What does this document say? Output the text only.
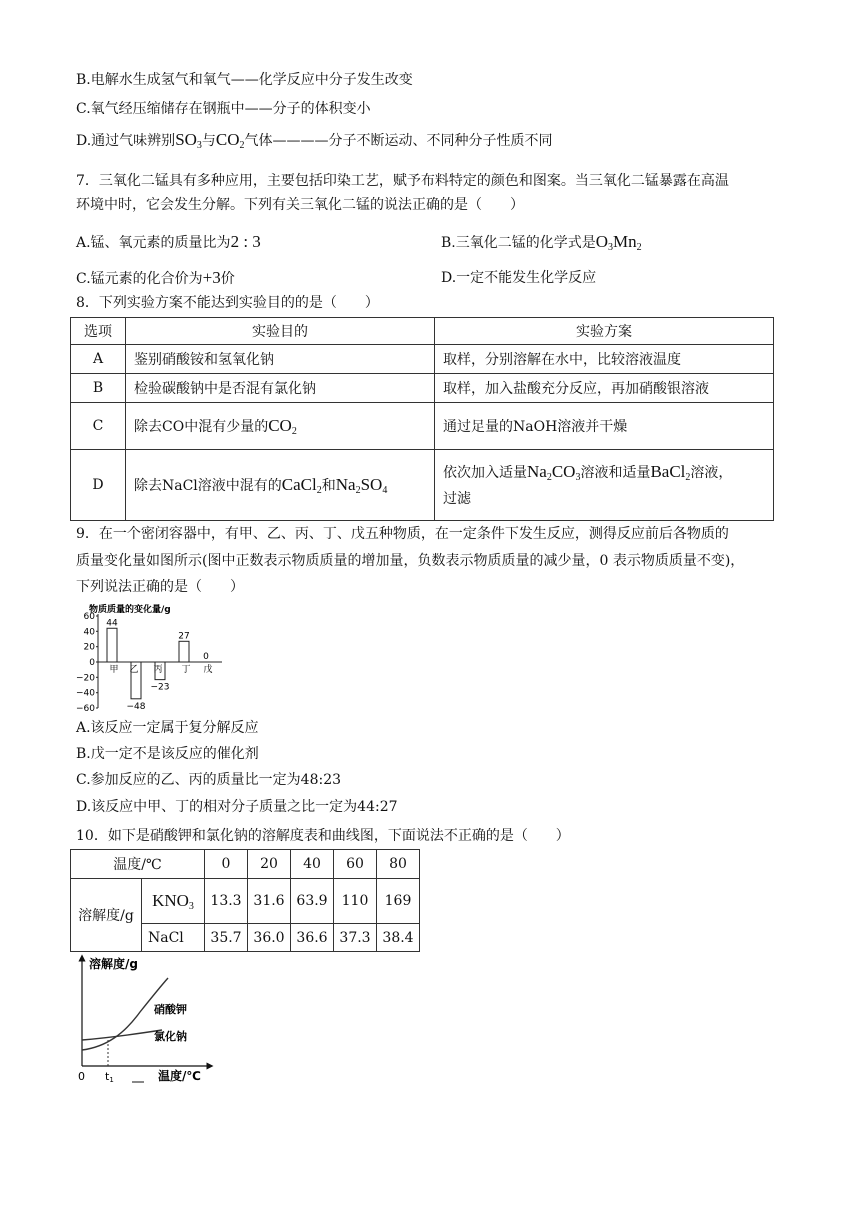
B.电解水生成氢气和氧气——化学反应中分子发生改变
C.氧气经压缩储存在钢瓶中——分子的体积变小
D.通过气味辨别$SO_3$与$CO_2$气体————分子不断运动、不同种分子性质不同
7．三氧化二锰具有多种应用，主要包括印染工艺，赋予布料特定的颜色和图案。当三氧化二锰暴露在高温
环境中时，它会发生分解。下列有关三氧化二锰的说法正确的是（　　）
A.锰、氧元素的质量比为2 : 3	B.三氧化二锰的化学式是$O_3Mn_2$
C.锰元素的化合价为+3价	D.一定不能发生化学反应
8．下列实验方案不能达到实验目的的是（　　）
选项	实验目的	实验方案
A	鉴别硝酸铵和氢氧化钠	取样，分别溶解在水中，比较溶液温度
B	检验碳酸钠中是否混有氯化钠	取样，加入盐酸充分反应，再加硝酸银溶液
C	除去CO中混有少量的$CO_2$	通过足量的NaOH溶液并干燥
D	除去NaCl溶液中混有的CaCl$_2$和$Na_2SO_4$	依次加入适量$Na_2CO_3$溶液和适量BaCl$_2$溶液，
过滤
9．在一个密闭容器中，有甲、乙、丙、丁、戊五种物质，在一定条件下发生反应，测得反应前后各物质的
质量变化量如图所示(图中正数表示物质质量的增加量，负数表示物质质量的减少量，0 表示物质质量不变)，
下列说法正确的是（　　）
物质质量的变化量/g
60
40
20
0
−20
−40
−60
44
甲
−48
乙
−23
丙
27
丁
0
戊
A.该反应一定属于复分解反应
B.戊一定不是该反应的催化剂
C.参加反应的乙、丙的质量比一定为48:23
D.该反应中甲、丁的相对分子质量之比一定为44:27
10．如下是硝酸钾和氯化钠的溶解度表和曲线图，下面说法不正确的是（　　）
温度/℃		0	20	40	60	80
溶解度/g	$KNO_3$	13.3	31.6	63.9	110	169
	NaCl	35.7	36.0	36.6	37.3	38.4
溶解度/g
硝酸钾
氯化钠
0 t1	温度/℃
